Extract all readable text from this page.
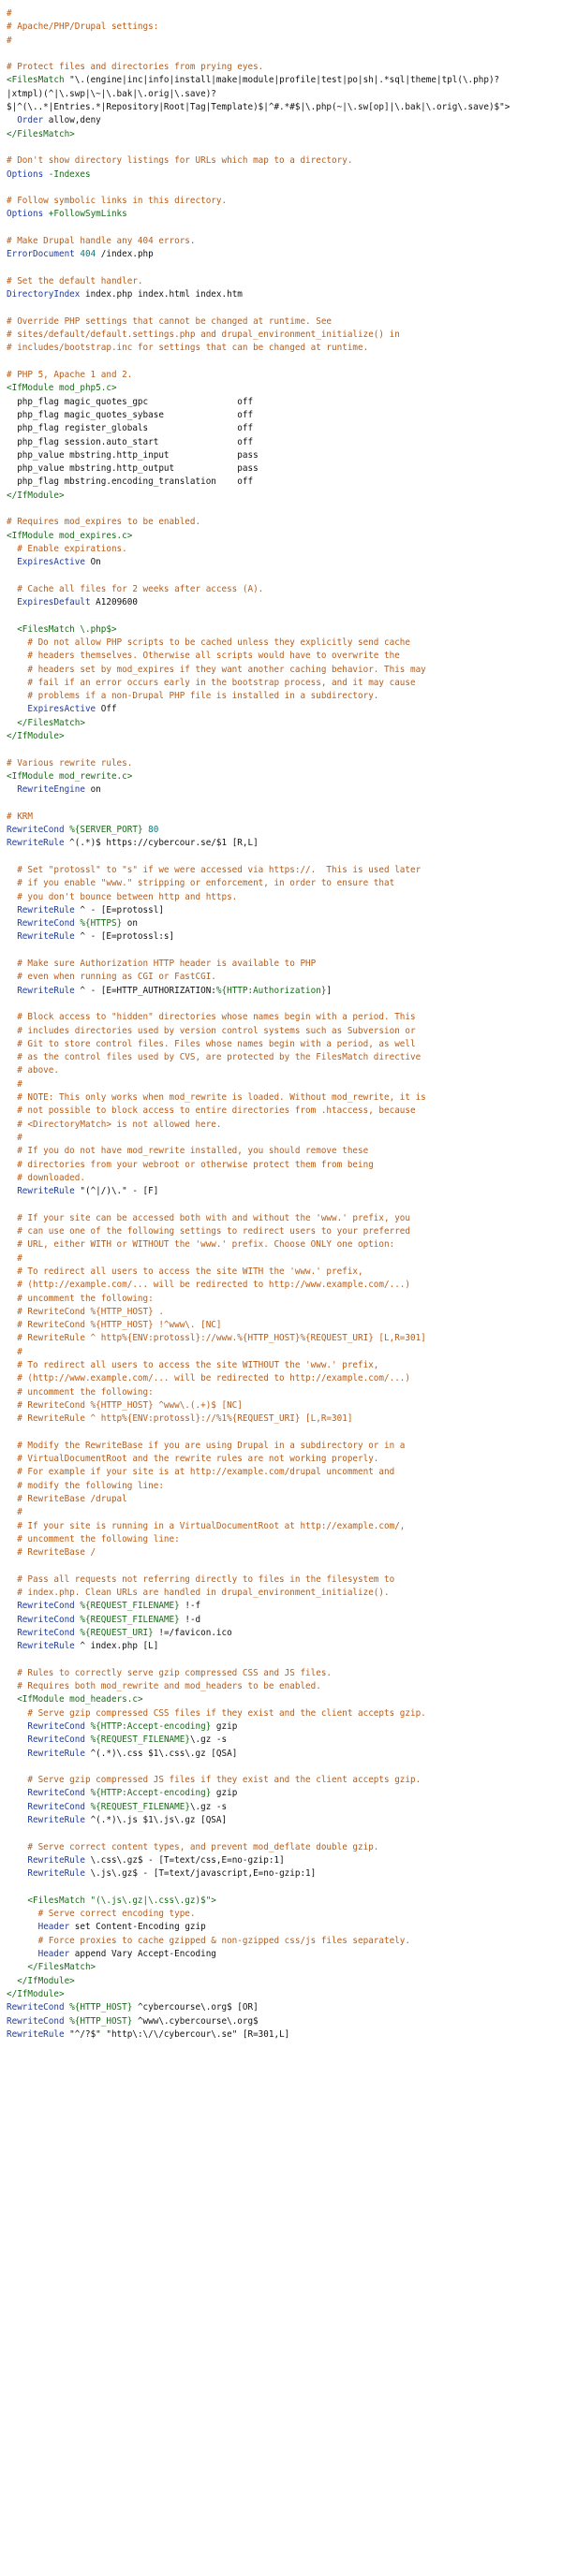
#
# Apache/PHP/Drupal settings:
#

# Protect files and directories from prying eyes.
<FilesMatch "\.(engine|inc|info|install|make|module|profile|test|po|sh|.*sql|theme|tpl(\.php)?
|xtmpl)(^|\.swp|\~|\.bak|\.orig|\.save)?
$|^(\..*|Entries.*|Repository|Root|Tag|Template)$|^#.*#$|\.php(~|\.sw[op]|\.bak|\.orig\.save)$">
Order allow,deny
</FilesMatch>

# Don't show directory listings for URLs which map to a directory.
Options -Indexes

# Follow symbolic links in this directory.
Options +FollowSymLinks

# Make Drupal handle any 404 errors.
ErrorDocument 404 /index.php

# Set the default handler.
DirectoryIndex index.php index.html index.htm

# Override PHP settings that cannot be changed at runtime. See
# sites/default/default.settings.php and drupal_environment_initialize() in
# includes/bootstrap.inc for settings that can be changed at runtime.

# PHP 5, Apache 1 and 2.
<IfModule mod_php5.c>
php_flag magic_quotes_gpc                 off
php_flag magic_quotes_sybase              off
php_flag register_globals                 off
php_flag session.auto_start               off
php_value mbstring.http_input             pass
php_value mbstring.http_output            pass
php_flag mbstring.encoding_translation    off
</IfModule>

# Requires mod_expires to be enabled.
<IfModule mod_expires.c>
# Enable expirations.
ExpiresActive On

# Cache all files for 2 weeks after access (A).
ExpiresDefault A1209600

<FilesMatch \.php$>
# Do not allow PHP scripts to be cached unless they explicitly send cache
# headers themselves. Otherwise all scripts would have to overwrite the
# headers set by mod_expires if they want another caching behavior. This may
# fail if an error occurs early in the bootstrap process, and it may cause
# problems if a non-Drupal PHP file is installed in a subdirectory.
ExpiresActive Off
</FilesMatch>
</IfModule>

# Various rewrite rules.
<IfModule mod_rewrite.c>
RewriteEngine on

# KRM
RewriteCond %{SERVER_PORT} 80
RewriteRule ^(.*)$ https://cybercour.se/$1 [R,L]

# Set "protossl" to "s" if we were accessed via https://.  This is used later
# if you enable "www." stripping or enforcement, in order to ensure that
# you don't bounce between http and https.
RewriteRule ^ - [E=protossl]
RewriteCond %{HTTPS} on
RewriteRule ^ - [E=protossl:s]

# Make sure Authorization HTTP header is available to PHP
# even when running as CGI or FastCGI.
RewriteRule ^ - [E=HTTP_AUTHORIZATION:%{HTTP:Authorization}]

# Block access to "hidden" directories whose names begin with a period. This
# includes directories used by version control systems such as Subversion or
# Git to store control files. Files whose names begin with a period, as well
# as the control files used by CVS, are protected by the FilesMatch directive
# above.
#
# NOTE: This only works when mod_rewrite is loaded. Without mod_rewrite, it is
# not possible to block access to entire directories from .htaccess, because
# <DirectoryMatch> is not allowed here.
#
# If you do not have mod_rewrite installed, you should remove these
# directories from your webroot or otherwise protect them from being
# downloaded.
RewriteRule "(^|/)\." - [F]

# If your site can be accessed both with and without the 'www.' prefix, you
# can use one of the following settings to redirect users to your preferred
# URL, either WITH or WITHOUT the 'www.' prefix. Choose ONLY one option:
#
# To redirect all users to access the site WITH the 'www.' prefix,
# (http://example.com/... will be redirected to http://www.example.com/...)
# uncomment the following:
# RewriteCond %{HTTP_HOST} .
# RewriteCond %{HTTP_HOST} !^www\. [NC]
# RewriteRule ^ http%{ENV:protossl}://www.%{HTTP_HOST}%{REQUEST_URI} [L,R=301]
#
# To redirect all users to access the site WITHOUT the 'www.' prefix,
# (http://www.example.com/... will be redirected to http://example.com/...)
# uncomment the following:
# RewriteCond %{HTTP_HOST} ^www\.(.+)$ [NC]
# RewriteRule ^ http%{ENV:protossl}://%1%{REQUEST_URI} [L,R=301]

# Modify the RewriteBase if you are using Drupal in a subdirectory or in a
# VirtualDocumentRoot and the rewrite rules are not working properly.
# For example if your site is at http://example.com/drupal uncomment and
# modify the following line:
# RewriteBase /drupal
#
# If your site is running in a VirtualDocumentRoot at http://example.com/,
# uncomment the following line:
# RewriteBase /

# Pass all requests not referring directly to files in the filesystem to
# index.php. Clean URLs are handled in drupal_environment_initialize().
RewriteCond %{REQUEST_FILENAME} !-f
RewriteCond %{REQUEST_FILENAME} !-d
RewriteCond %{REQUEST_URI} !=/favicon.ico
RewriteRule ^ index.php [L]

# Rules to correctly serve gzip compressed CSS and JS files.
# Requires both mod_rewrite and mod_headers to be enabled.
<IfModule mod_headers.c>
# Serve gzip compressed CSS files if they exist and the client accepts gzip.
RewriteCond %{HTTP:Accept-encoding} gzip
RewriteCond %{REQUEST_FILENAME}\.gz -s
RewriteRule ^(.*)\.css $1\.css\.gz [QSA]

# Serve gzip compressed JS files if they exist and the client accepts gzip.
RewriteCond %{HTTP:Accept-encoding} gzip
RewriteCond %{REQUEST_FILENAME}\.gz -s
RewriteRule ^(.*)\.js $1\.js\.gz [QSA]

# Serve correct content types, and prevent mod_deflate double gzip.
RewriteRule \.css\.gz$ - [T=text/css,E=no-gzip:1]
RewriteRule \.js\.gz$ - [T=text/javascript,E=no-gzip:1]

<FilesMatch "(\.js\.gz|\.css\.gz)$">
# Serve correct encoding type.
Header set Content-Encoding gzip
# Force proxies to cache gzipped & non-gzipped css/js files separately.
Header append Vary Accept-Encoding
</FilesMatch>
</IfModule>
</IfModule>
RewriteCond %{HTTP_HOST} ^cybercourse\.org$ [OR]
RewriteCond %{HTTP_HOST} ^www\.cybercourse\.org$
RewriteRule "^/?$" "http\:\/\/cybercour\.se" [R=301,L]
